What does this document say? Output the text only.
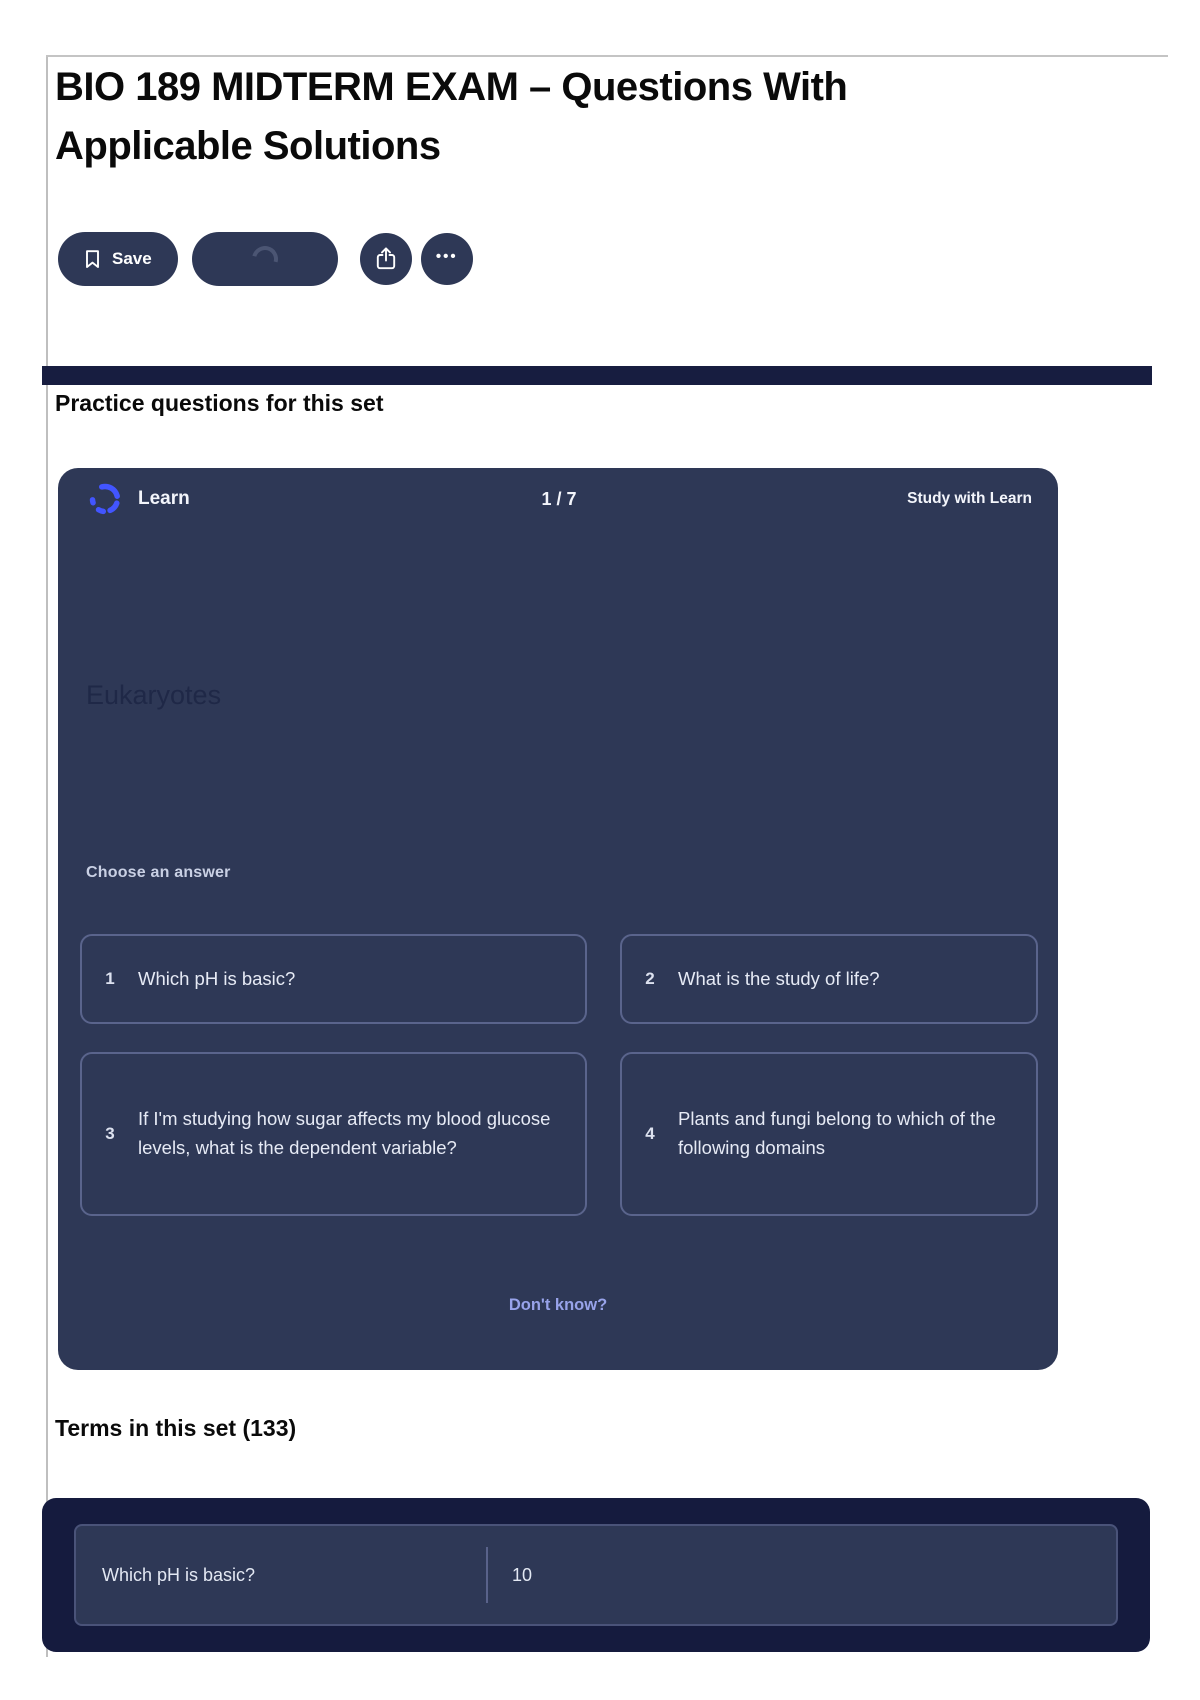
BIO 189 MIDTERM EXAM – Questions With Applicable Solutions
Save	•••
Practice questions for this set
Learn	1 / 7	Study with Learn
Eukaryotes
Choose an answer
1	Which pH is basic?	2	What is the study of life?
3
If I'm studying how sugar affects my blood glucose levels, what is the dependent variable?
4
Plants and fungi belong to which of the following domains
Don't know?
Terms in this set (133)
Which pH is basic?	10
